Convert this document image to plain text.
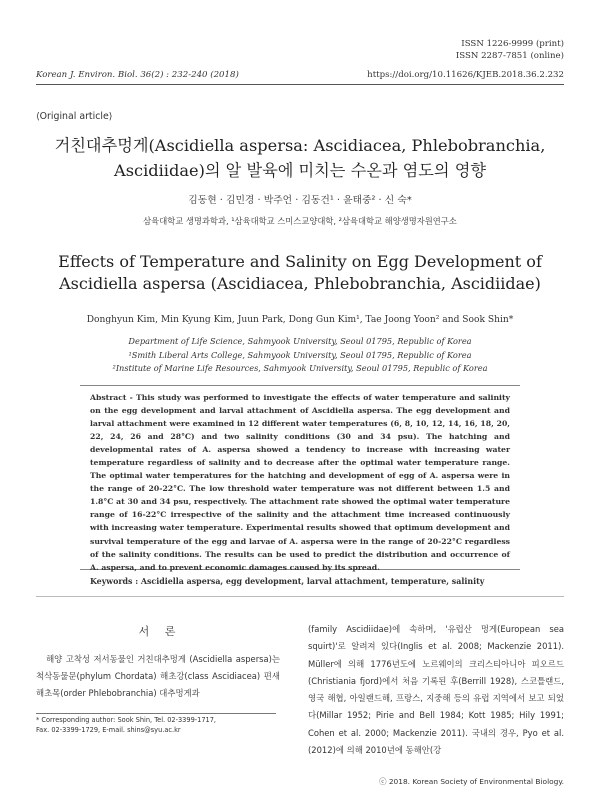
ISSN 1226-9999 (print)
ISSN 2287-7851 (online)
Korean J. Environ. Biol. 36(2) : 232-240 (2018)	https://doi.org/10.11626/KJEB.2018.36.2.232
⟨Original article⟩
거친대추멍게(Ascidiella aspersa: Ascidiacea, Phlebobranchia,
Ascidiidae)의 알 발육에 미치는 수온과 염도의 영향
김동현 · 김민경 · 박주언 · 김동건¹ · 윤태중² · 신 숙*
삼육대학교 생명과학과, ¹삼육대학교 스미스교양대학, ²삼육대학교 해양생명자원연구소
Effects of Temperature and Salinity on Egg Development of
Ascidiella aspersa (Ascidiacea, Phlebobranchia, Ascidiidae)
Donghyun Kim, Min Kyung Kim, Juun Park, Dong Gun Kim¹, Tae Joong Yoon² and Sook Shin*
Department of Life Science, Sahmyook University, Seoul 01795, Republic of Korea
¹Smith Liberal Arts College, Sahmyook University, Seoul 01795, Republic of Korea
²Institute of Marine Life Resources, Sahmyook University, Seoul 01795, Republic of Korea

Abstract - This study was performed to investigate the effects of water temperature and salinity on the egg development and larval attachment of Ascidiella aspersa. The egg development and larval attachment were examined in 12 different water temperatures (6, 8, 10, 12, 14, 16, 18, 20, 22, 24, 26 and 28°C) and two salinity conditions (30 and 34 psu). The hatching and developmental rates of A. aspersa showed a tendency to increase with increasing water temperature regardless of salinity and to decrease after the optimal water temperature range. The optimal water temperatures for the hatching and development of egg of A. aspersa were in the range of 20-22°C. The low threshold water temperature was not different between 1.5 and 1.8°C at 30 and 34 psu, respectively. The attachment rate showed the optimal water temperature range of 16-22°C irrespective of the salinity and the attachment time increased continuously with increasing water temperature. Experimental results showed that optimum development and survival temperature of the egg and larvae of A. aspersa were in the range of 20-22°C regardless of the salinity conditions. The results can be used to predict the distribution and occurrence of A. aspersa, and to prevent economic damages caused by its spread.

Keywords : Ascidiella aspersa, egg development, larval attachment, temperature, salinity
서 론

해양 고착성 저서동물인 거친대추멍게 (Ascidiella aspersa)는 척삭동물문(phylum Chordata) 해초강(class Ascidiacea) 편새해초목(order Phlebobranchia) 대추멍게과

(family Ascidiidae)에 속하며, '유럽산 멍게(European sea squirt)'로 알려져 있다(Inglis et al. 2008; Mackenzie 2011). Müller에 의해 1776년도에 노르웨이의 크리스티아니아 피오르드(Christiania fjord)에서 처음 기록된 후(Berrill 1928), 스코틀랜드, 영국 해협, 아일랜드해, 프랑스, 지중해 등의 유럽 지역에서 보고 되었다(Millar 1952; Pirie and Bell 1984; Kott 1985; Hily 1991; Cohen et al. 2000; Mackenzie 2011). 국내의 경우, Pyo et al. (2012)에 의해 2010년에 동해안(강

* Corresponding author: Sook Shin, Tel. 02-3399-1717,
Fax. 02-3399-1729, E-mail. shins@syu.ac.kr
ⓒ 2018. Korean Society of Environmental Biology.
